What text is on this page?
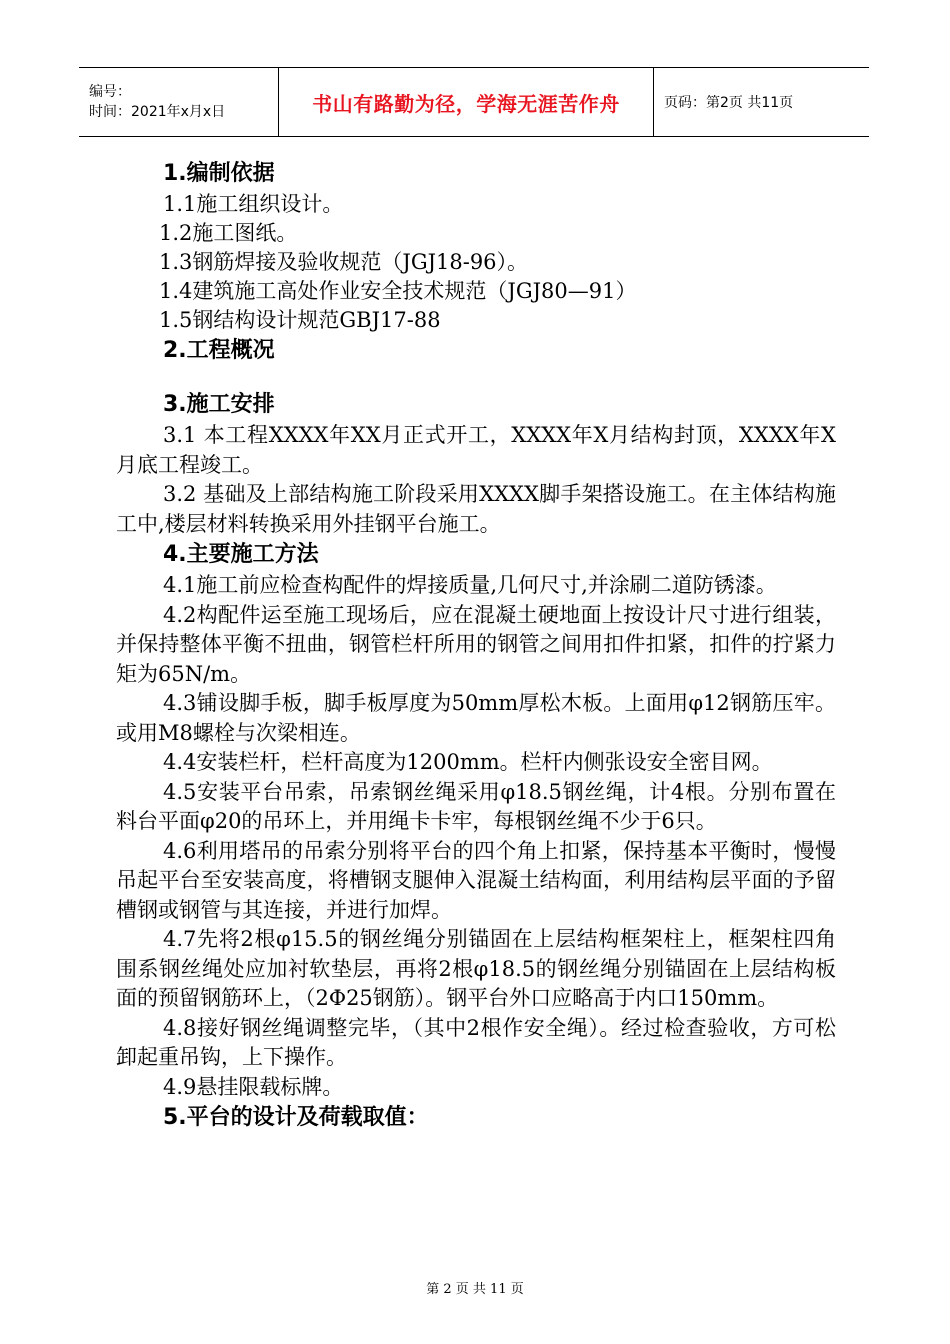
编号：
时间：2021年x月x日	书山有路勤为径，学海无涯苦作舟	页码：第2页 共11页
1.编制依据
1.1施工组织设计。
1.2施工图纸。
1.3钢筋焊接及验收规范（JGJ18-96）。
1.4建筑施工高处作业安全技术规范（JGJ80—91）
1.5钢结构设计规范GBJ17-88
2.工程概况
3.施工安排
3.1 本工程XXXX年XX月正式开工，XXXX年X月结构封顶，XXXX年X月底工程竣工。
3.2 基础及上部结构施工阶段采用XXXX脚手架搭设施工。在主体结构施工中,楼层材料转换采用外挂钢平台施工。
4.主要施工方法
4.1施工前应检查构配件的焊接质量,几何尺寸,并涂刷二道防锈漆。
4.2构配件运至施工现场后，应在混凝土硬地面上按设计尺寸进行组装，并保持整体平衡不扭曲，钢管栏杆所用的钢管之间用扣件扣紧，扣件的拧紧力矩为65N/m。
4.3铺设脚手板，脚手板厚度为50mm厚松木板。上面用φ12钢筋压牢。或用M8螺栓与次梁相连。
4.4安装栏杆，栏杆高度为1200mm。栏杆内侧张设安全密目网。
4.5安装平台吊索，吊索钢丝绳采用φ18.5钢丝绳，计4根。分别布置在料台平面φ20的吊环上，并用绳卡卡牢，每根钢丝绳不少于6只。
4.6利用塔吊的吊索分别将平台的四个角上扣紧，保持基本平衡时，慢慢吊起平台至安装高度，将槽钢支腿伸入混凝土结构面，利用结构层平面的予留槽钢或钢管与其连接，并进行加焊。
4.7先将2根φ15.5的钢丝绳分别锚固在上层结构框架柱上，框架柱四角围系钢丝绳处应加衬软垫层，再将2根φ18.5的钢丝绳分别锚固在上层结构板面的预留钢筋环上，（2Φ25钢筋）。钢平台外口应略高于内口150mm。
4.8接好钢丝绳调整完毕，（其中2根作安全绳）。经过检查验收，方可松卸起重吊钩，上下操作。
4.9悬挂限载标牌。
5.平台的设计及荷载取值：
第 2 页 共 11 页
